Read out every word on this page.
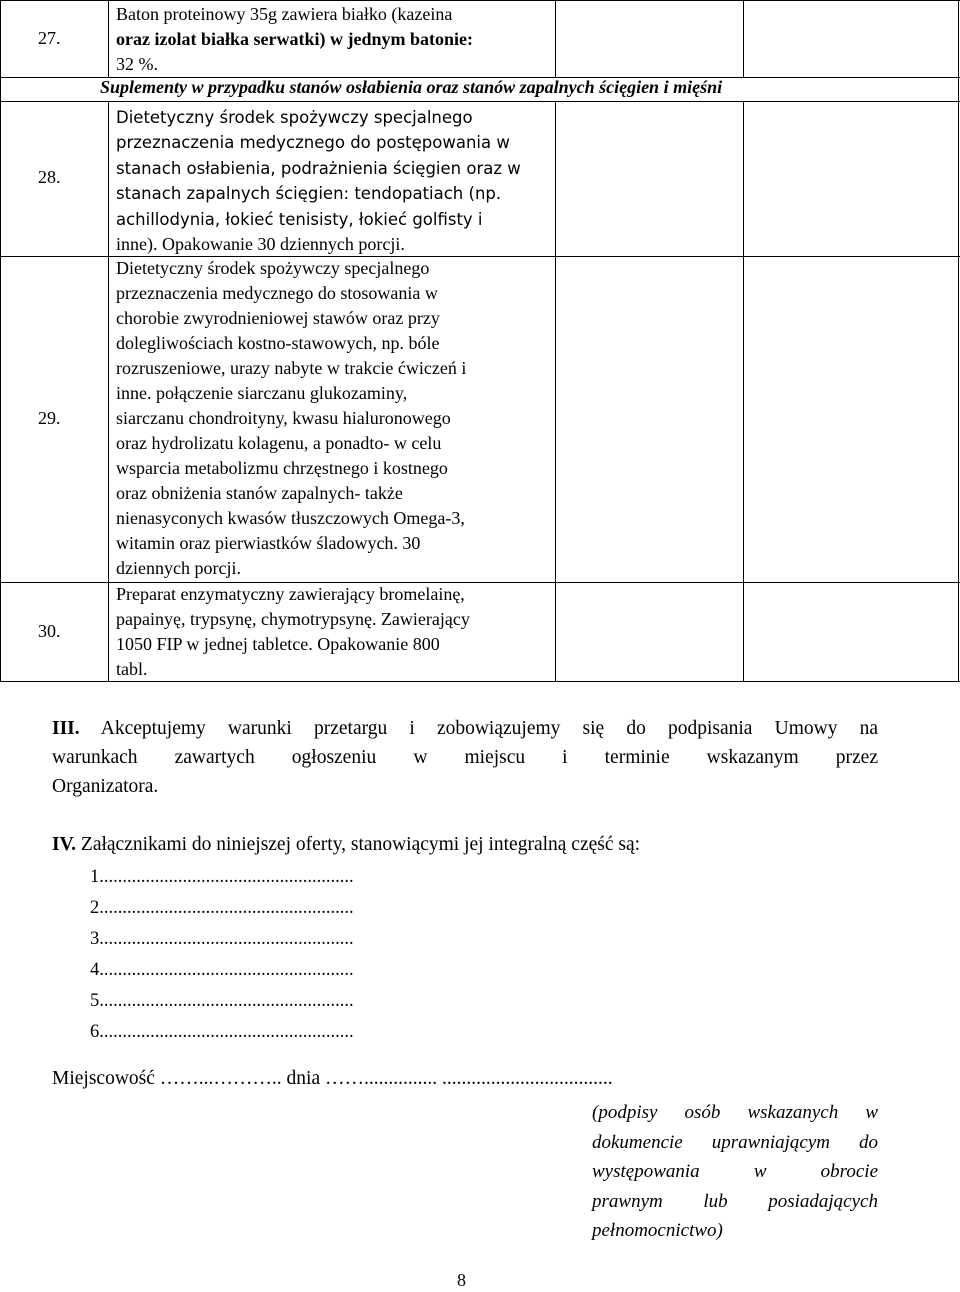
27.
Baton proteinowy 35g zawiera białko (kazeina
oraz izolat białka serwatki) w jednym batonie:
32 %.
Suplementy w przypadku stanów osłabienia oraz stanów zapalnych ścięgien i mięśni
28.
Dietetyczny środek spożywczy specjalnego
przeznaczenia medycznego do postępowania w
stanach osłabienia, podrażnienia ścięgien oraz w
stanach zapalnych ścięgien: tendopatiach (np.
achillodynia, łokieć tenisisty, łokieć golfisty i
inne). Opakowanie 30 dziennych porcji.
29.
Dietetyczny środek spożywczy specjalnego
przeznaczenia medycznego do stosowania w
chorobie zwyrodnieniowej stawów oraz przy
dolegliwościach kostno-stawowych, np. bóle
rozruszeniowe, urazy nabyte w trakcie ćwiczeń i
inne. połączenie siarczanu glukozaminy,
siarczanu chondroityny, kwasu hialuronowego
oraz hydrolizatu kolagenu, a ponadto- w celu
wsparcia metabolizmu chrzęstnego i kostnego
oraz obniżenia stanów zapalnych- także
nienasyconych kwasów tłuszczowych Omega-3,
witamin oraz pierwiastków śladowych. 30
dziennych porcji.
30.
Preparat enzymatyczny zawierający bromelainę,
papainyę, trypsynę, chymotrypsynę. Zawierający
1050 FIP w jednej tabletce. Opakowanie 800
tabl.
III. Akceptujemy warunki przetargu i zobowiązujemy się do podpisania Umowy na
warunkach zawartych ogłoszeniu w miejscu i terminie wskazanym przez
Organizatora.
IV. Załącznikami do niniejszej oferty, stanowiącymi jej integralną część są:
1.......................................................
2.......................................................
3.......................................................
4.......................................................
5.......................................................
6.......................................................
Miejscowość ……...……….. dnia ……............... ...................................
(podpisy osób wskazanych w
dokumencie uprawniającym do
występowania w obrocie
prawnym lub posiadających
pełnomocnictwo)
8
